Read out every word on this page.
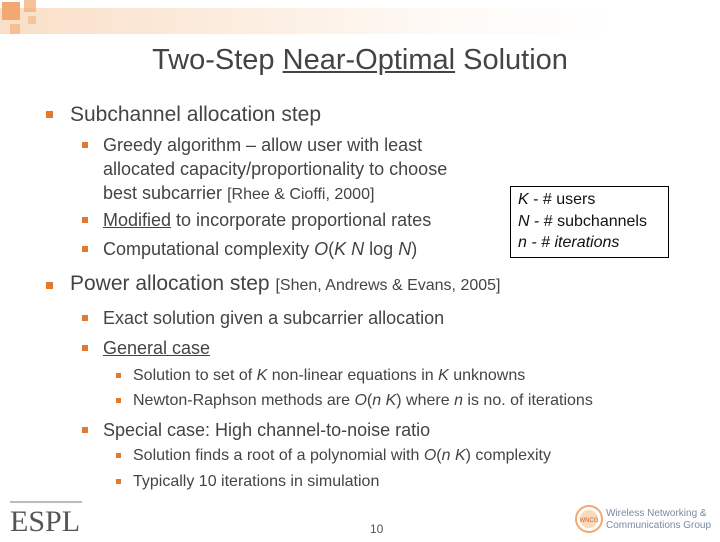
Two-Step Near-Optimal Solution
Subchannel allocation step
Greedy algorithm – allow user with least
allocated capacity/proportionality to choose
best subcarrier [Rhee & Cioffi, 2000]
Modified to incorporate proportional rates
Computational complexity O(K N log N)
K - # users
N - # subchannels
n - # iterations
Power allocation step [Shen, Andrews & Evans, 2005]
Exact solution given a subcarrier allocation
General case
Solution to set of K non-linear equations in K unknowns
Newton-Raphson methods are O(n K) where n is no. of iterations
Special case: High channel-to-noise ratio
Solution finds a root of a polynomial with O(n K) complexity
Typically 10 iterations in simulation
10
ESPL	WNCG
Wireless Networking &
Communications Group
